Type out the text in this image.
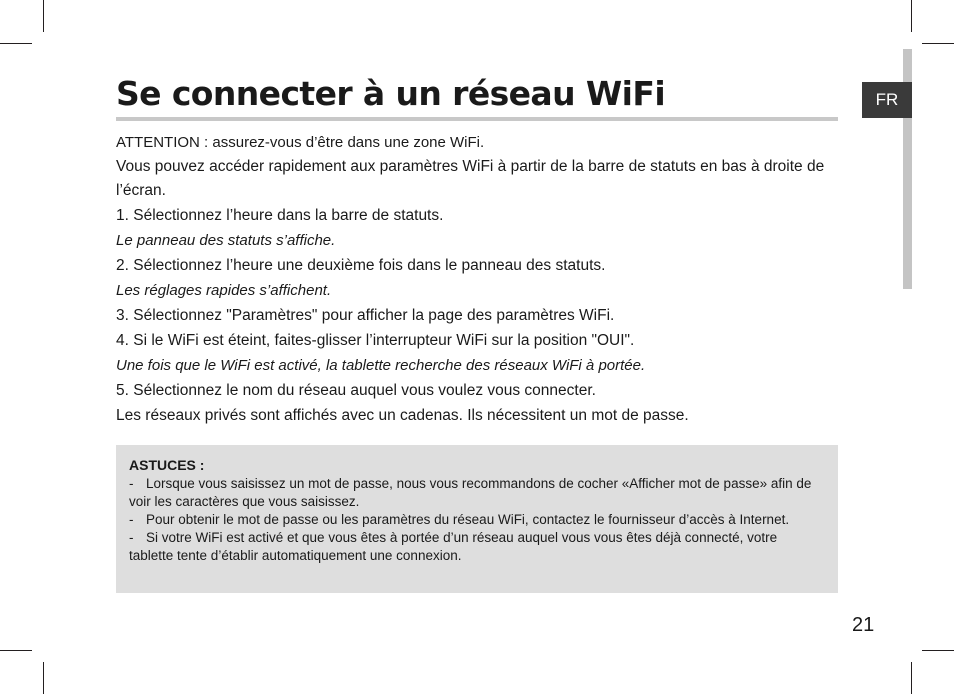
FR
Se connecter à un réseau WiFi

ATTENTION : assurez-vous d’être dans une zone WiFi.

Vous pouvez accéder rapidement aux paramètres WiFi à partir de la barre de statuts en bas à droite de l’écran.

1. Sélectionnez l’heure dans la barre de statuts.

Le panneau des statuts s’affiche.

2. Sélectionnez l’heure une deuxième fois dans le panneau des statuts.

Les réglages rapides s’affichent.

3. Sélectionnez "Paramètres" pour afficher la page des paramètres WiFi.

4. Si le WiFi est éteint, faites-glisser l’interrupteur WiFi sur la position "OUI".

Une fois que le WiFi est activé, la tablette recherche des réseaux WiFi à portée.

5. Sélectionnez le nom du réseau auquel vous voulez vous connecter.

Les réseaux privés sont affichés avec un cadenas. Ils nécessitent un mot de passe.

ASTUCES :

- Lorsque vous saisissez un mot de passe, nous vous recommandons de cocher «Afficher mot de passe» afin de voir les caractères que vous saisissez.

- Pour obtenir le mot de passe ou les paramètres du réseau WiFi, contactez le fournisseur d’accès à Internet.

- Si votre WiFi est activé et que vous êtes à portée d’un réseau auquel vous vous êtes déjà connecté, votre tablette tente d’établir automatiquement une connexion.

21
